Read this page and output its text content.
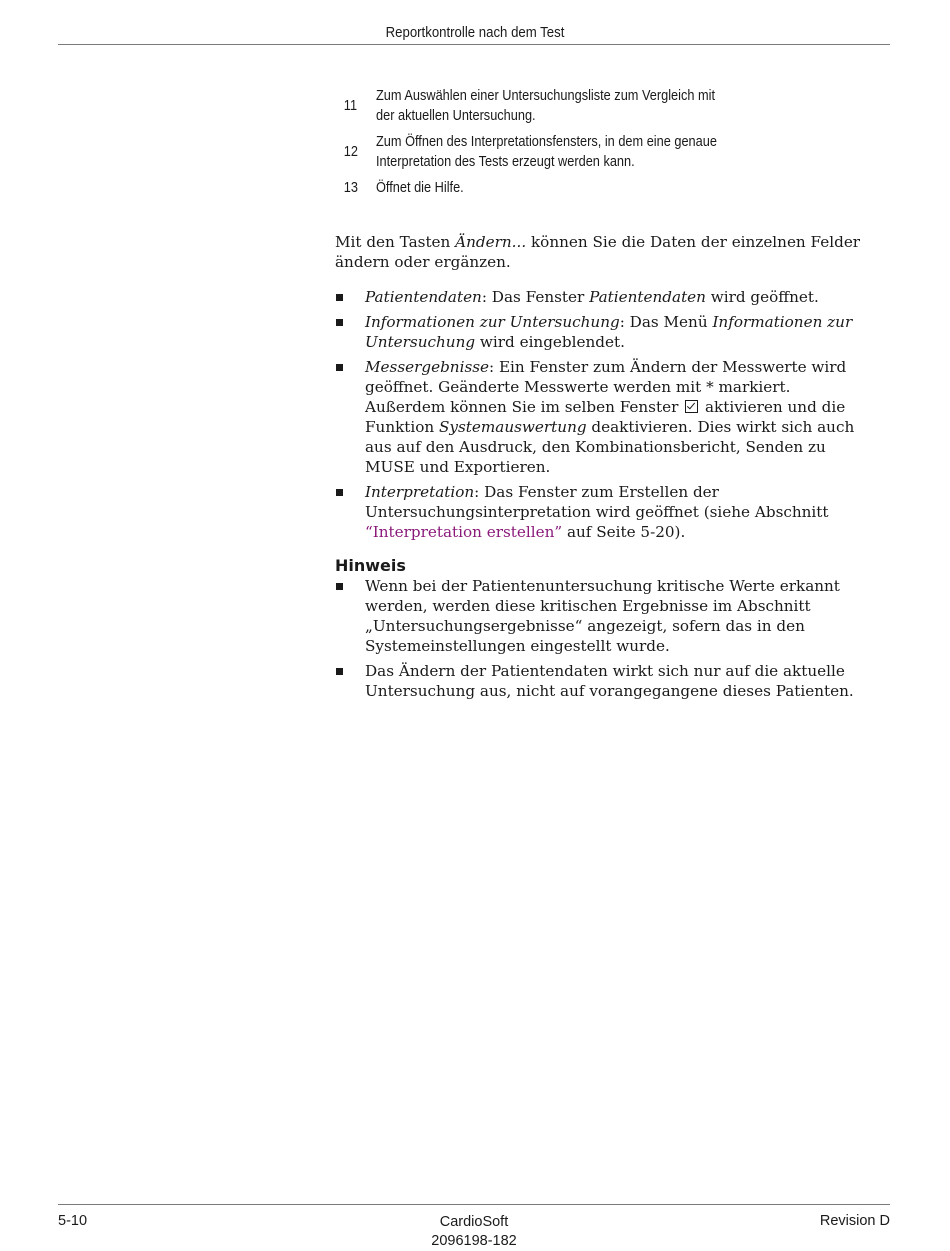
Reportkontrolle nach dem Test
11
Zum Auswählen einer Untersuchungsliste zum Vergleich mit der aktuellen Untersuchung.
12
Zum Öffnen des Interpretationsfensters, in dem eine genaue Interpretation des Tests erzeugt werden kann.
13	Öffnet die Hilfe.

Mit den Tasten Ändern... können Sie die Daten der einzelnen Felder ändern oder ergänzen.

Patientendaten: Das Fenster Patientendaten wird geöffnet.
Informationen zur Untersuchung: Das Menü Informationen zur Untersuchung wird eingeblendet.
Messergebnisse: Ein Fenster zum Ändern der Messwerte wird geöffnet. Geänderte Messwerte werden mit * markiert. Außerdem können Sie im selben Fenster  aktivieren und die Funktion Systemauswertung deaktivieren. Dies wirkt sich auch aus auf den Ausdruck, den Kombinationsbericht, Senden zu MUSE und Exportieren.
Interpretation: Das Fenster zum Erstellen der Untersuchungsinterpretation wird geöffnet (siehe Abschnitt “Interpretation erstellen” auf Seite 5-20).
Hinweis
Wenn bei der Patientenuntersuchung kritische Werte erkannt werden, werden diese kritischen Ergebnisse im Abschnitt „Untersuchungsergebnisse“ angezeigt, sofern das in den Systemeinstellungen eingestellt wurde.
Das Ändern der Patientendaten wirkt sich nur auf die aktuelle Untersuchung aus, nicht auf vorangegangene dieses Patienten.
5-10	CardioSoft
2096198-182
Revision D
